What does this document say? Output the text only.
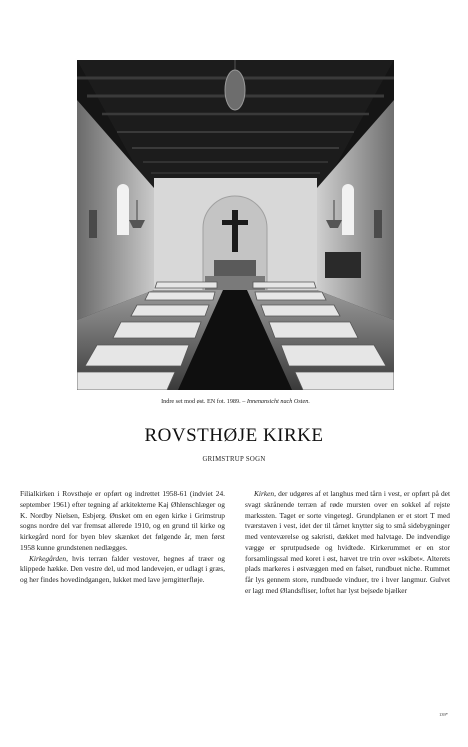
Indre set mod øst. EN fot. 1989. – Innenansicht nach Osten.
ROVSTHØJE KIRKE
GRIMSTRUP SOGN

Filialkirken i Rovsthøje er opført og indrettet 1958-61 (indviet 24. september 1961) efter tegning af arkitekterne Kaj Øhlenschlæger og K. Nordby Nielsen, Esbjerg. Ønsket om en egen kirke i Grimstrup sogns nordre del var fremsat allerede 1910, og en grund til kirke og kirkegård nord for byen blev skænket det følgende år, men først 1958 kunne grundstenen nedlægges.

Kirkegården, hvis terræn falder vestover, hegnes af træer og klippede hække. Den vestre del, ud mod landevejen, er udlagt i græs, og her findes hovedindgangen, lukket med lave jerngitterfløje.

Kirken, der udgøres af et langhus med tårn i vest, er opført på det svagt skrånende terræn af røde mursten over en sokkel af rejste markssten. Taget er sorte vingetegl. Grundplanen er et stort T med tværstaven i vest, idet der til tårnet knytter sig to små sidebygninger med venteværelse og sakristi, dækket med halvtage. De indvendige vægge er sprutpudsede og hvidtede. Kirkerummet er en stor forsamlingssal med koret i øst, hævet tre trin over »skibet«. Alterets plads markeres i østvæggen med en falset, rundbuet niche. Rummet får lys gennem store, rundbuede vinduer, tre i hver langmur. Gulvet er lagt med Ølandsfliser, loftet har lyst bejsede bjælker

139*
